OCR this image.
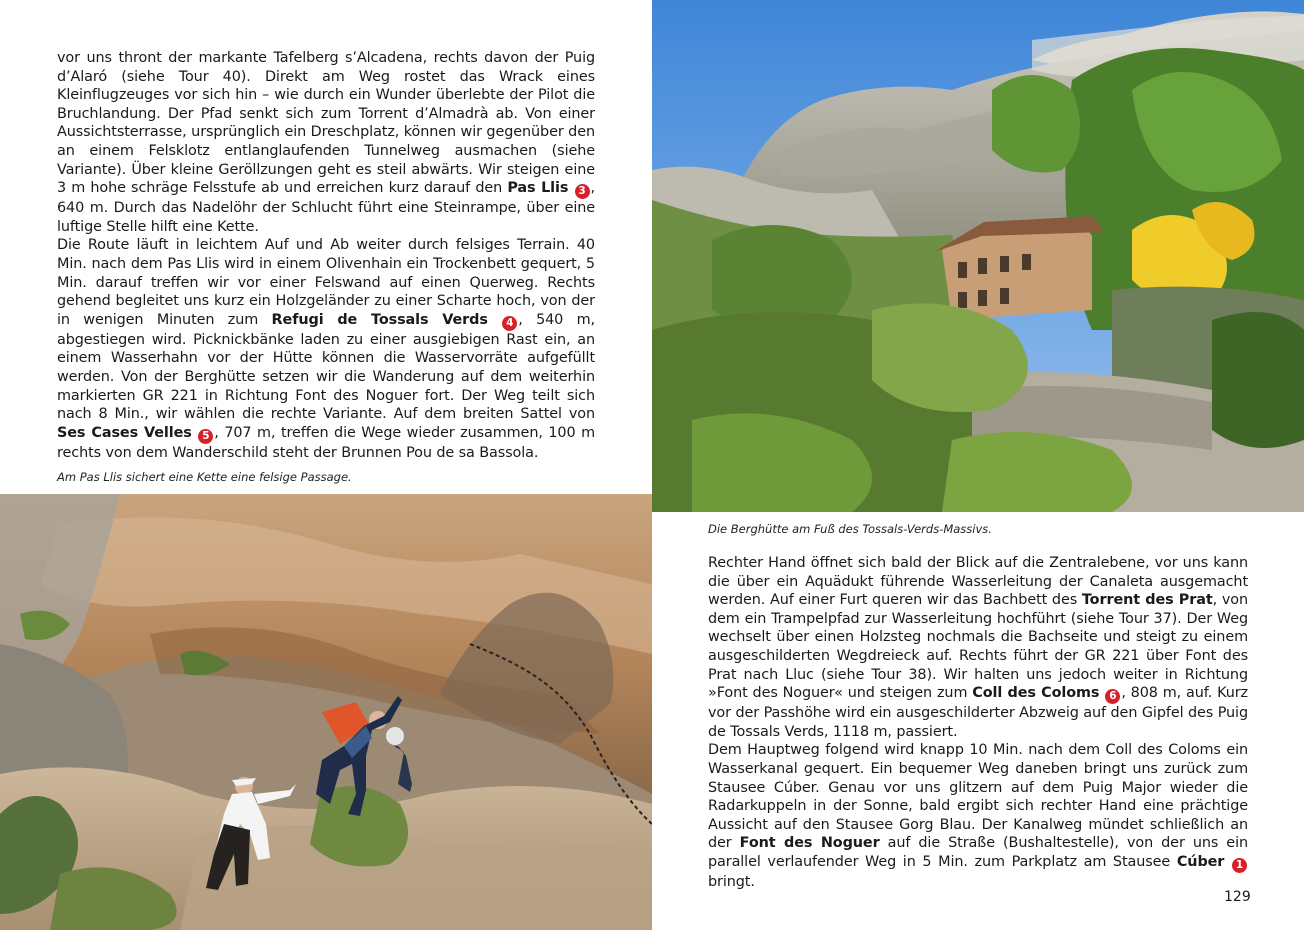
vor uns thront der markante Tafelberg s’Alcadena, rechts davon der Puig d’Alaró (siehe Tour 40). Direkt am Weg rostet das Wrack eines Kleinflugzeuges vor sich hin – wie durch ein Wunder überlebte der Pilot die Bruchlandung. Der Pfad senkt sich zum Torrent d’Almadrà ab. Von einer Aussichtsterrasse, ursprünglich ein Dreschplatz, können wir gegenüber den an einem Felsklotz entlanglaufenden Tunnelweg ausmachen (siehe Variante). Über kleine Geröllzungen geht es steil abwärts. Wir steigen eine 3 m hohe schräge Felsstufe ab und erreichen kurz darauf den Pas Llis 3 , 640 m. Durch das Nadelöhr der Schlucht führt eine Steinrampe, über eine luftige Stelle hilft eine Kette.

Die Route läuft in leichtem Auf und Ab weiter durch felsiges Terrain. 40 Min. nach dem Pas Llis wird in einem Olivenhain ein Trockenbett gequert, 5 Min. darauf treffen wir vor einer Felswand auf einen Querweg. Rechts gehend begleitet uns kurz ein Holzgeländer zu einer Scharte hoch, von der in wenigen Minuten zum Refugi de Tossals Verds 4 , 540 m, abgestiegen wird. Picknickbänke laden zu einer ausgiebigen Rast ein, an einem Wasserhahn vor der Hütte können die Wasservorräte aufgefüllt werden. Von der Berghütte setzen wir die Wanderung auf dem weiterhin markierten GR 221 in Richtung Font des Noguer fort. Der Weg teilt sich nach 8 Min., wir wählen die rechte Variante. Auf dem breiten Sattel von Ses Cases Velles 5 , 707 m, treffen die Wege wieder zusammen, 100 m rechts von dem Wanderschild steht der Brunnen Pou de sa Bassola.

Am Pas Llis sichert eine Kette eine felsige Passage.
Die Berghütte am Fuß des Tossals-Verds-Massivs.

Rechter Hand öffnet sich bald der Blick auf die Zentralebene, vor uns kann die über ein Aquädukt führende Wasserleitung der Canaleta ausgemacht werden. Auf einer Furt queren wir das Bachbett des Torrent des Prat, von dem ein Trampelpfad zur Wasserleitung hochführt (siehe Tour 37). Der Weg wechselt über einen Holzsteg nochmals die Bachseite und steigt zu einem ausgeschilderten Wegdreieck auf. Rechts führt der GR 221 über Font des Prat nach Lluc (siehe Tour 38). Wir halten uns jedoch weiter in Richtung »Font des Noguer« und steigen zum Coll des Coloms 6 , 808 m, auf. Kurz vor der Passhöhe wird ein ausgeschilderter Abzweig auf den Gipfel des Puig de Tossals Verds, 1118 m, passiert.

Dem Hauptweg folgend wird knapp 10 Min. nach dem Coll des Coloms ein Wasserkanal gequert. Ein bequemer Weg daneben bringt uns zurück zum Stausee Cúber. Genau vor uns glitzern auf dem Puig Major wieder die Radarkuppeln in der Sonne, bald ergibt sich rechter Hand eine prächtige Aussicht auf den Stausee Gorg Blau. Der Kanalweg mündet schließlich an der Font des Noguer auf die Straße (Bushaltestelle), von der uns ein parallel verlaufender Weg in 5 Min. zum Parkplatz am Stausee Cúber 1 bringt.

129
